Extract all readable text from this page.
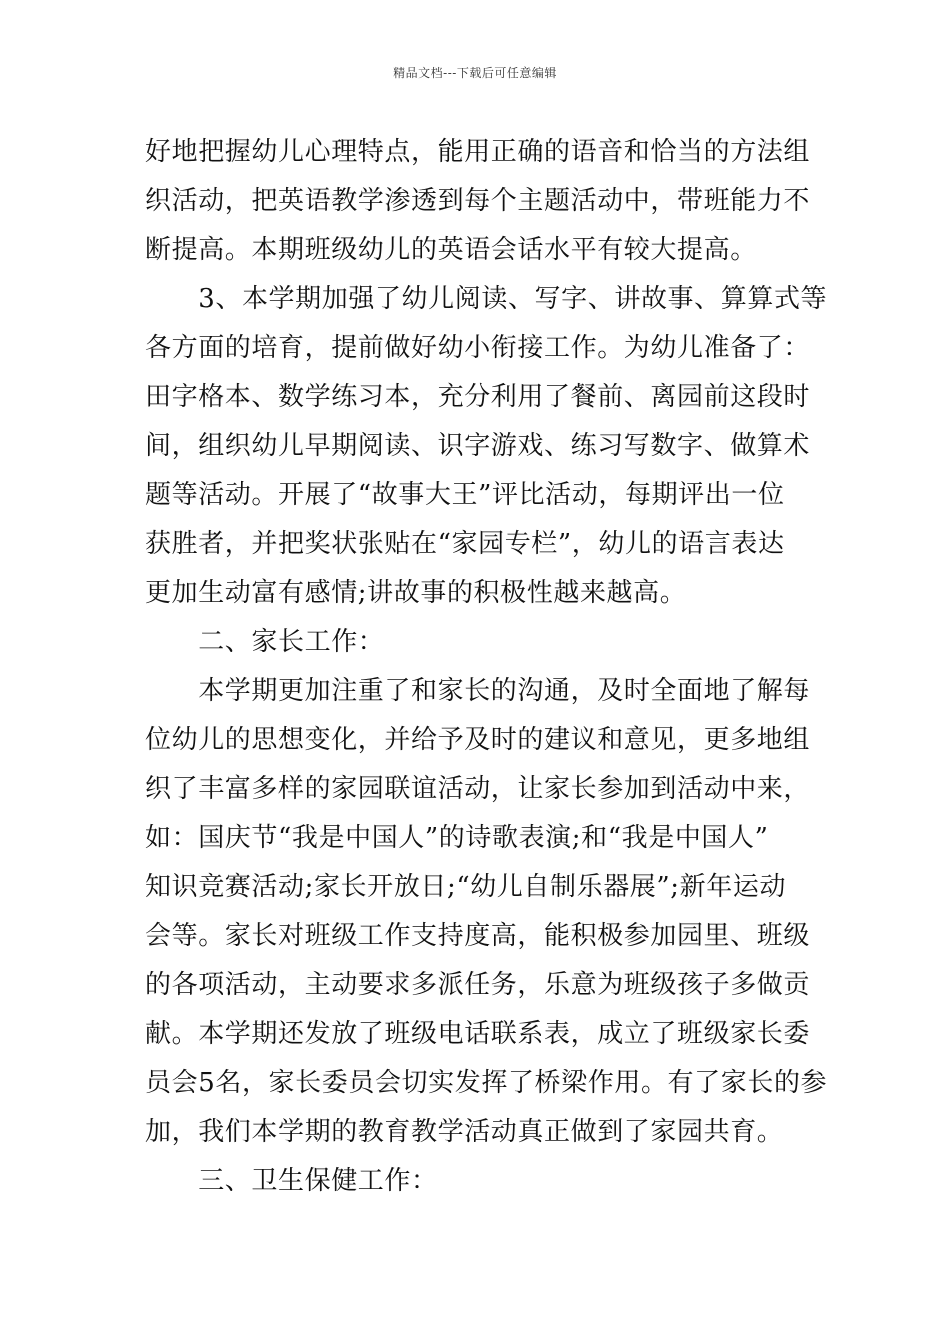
精品文档---下载后可任意编辑
好地把握幼儿心理特点，能用正确的语音和恰当的方法组
织活动，把英语教学渗透到每个主题活动中，带班能力不
断提高。本期班级幼儿的英语会话水平有较大提高。
　　3、本学期加强了幼儿阅读、写字、讲故事、算算式等
各方面的培育，提前做好幼小衔接工作。为幼儿准备了：
田字格本、数学练习本，充分利用了餐前、离园前这段时
间，组织幼儿早期阅读、识字游戏、练习写数字、做算术
题等活动。开展了“故事大王”评比活动，每期评出一位
获胜者，并把奖状张贴在“家园专栏”，幼儿的语言表达
更加生动富有感情;讲故事的积极性越来越高。
　　二、家长工作：
　　本学期更加注重了和家长的沟通，及时全面地了解每
位幼儿的思想变化，并给予及时的建议和意见，更多地组
织了丰富多样的家园联谊活动，让家长参加到活动中来，
如：国庆节“我是中国人”的诗歌表演;和“我是中国人”
知识竞赛活动;家长开放日;“幼儿自制乐器展”;新年运动
会等。家长对班级工作支持度高，能积极参加园里、班级
的各项活动，主动要求多派任务，乐意为班级孩子多做贡
献。本学期还发放了班级电话联系表，成立了班级家长委
员会5名，家长委员会切实发挥了桥梁作用。有了家长的参
加，我们本学期的教育教学活动真正做到了家园共育。
　　三、卫生保健工作：
